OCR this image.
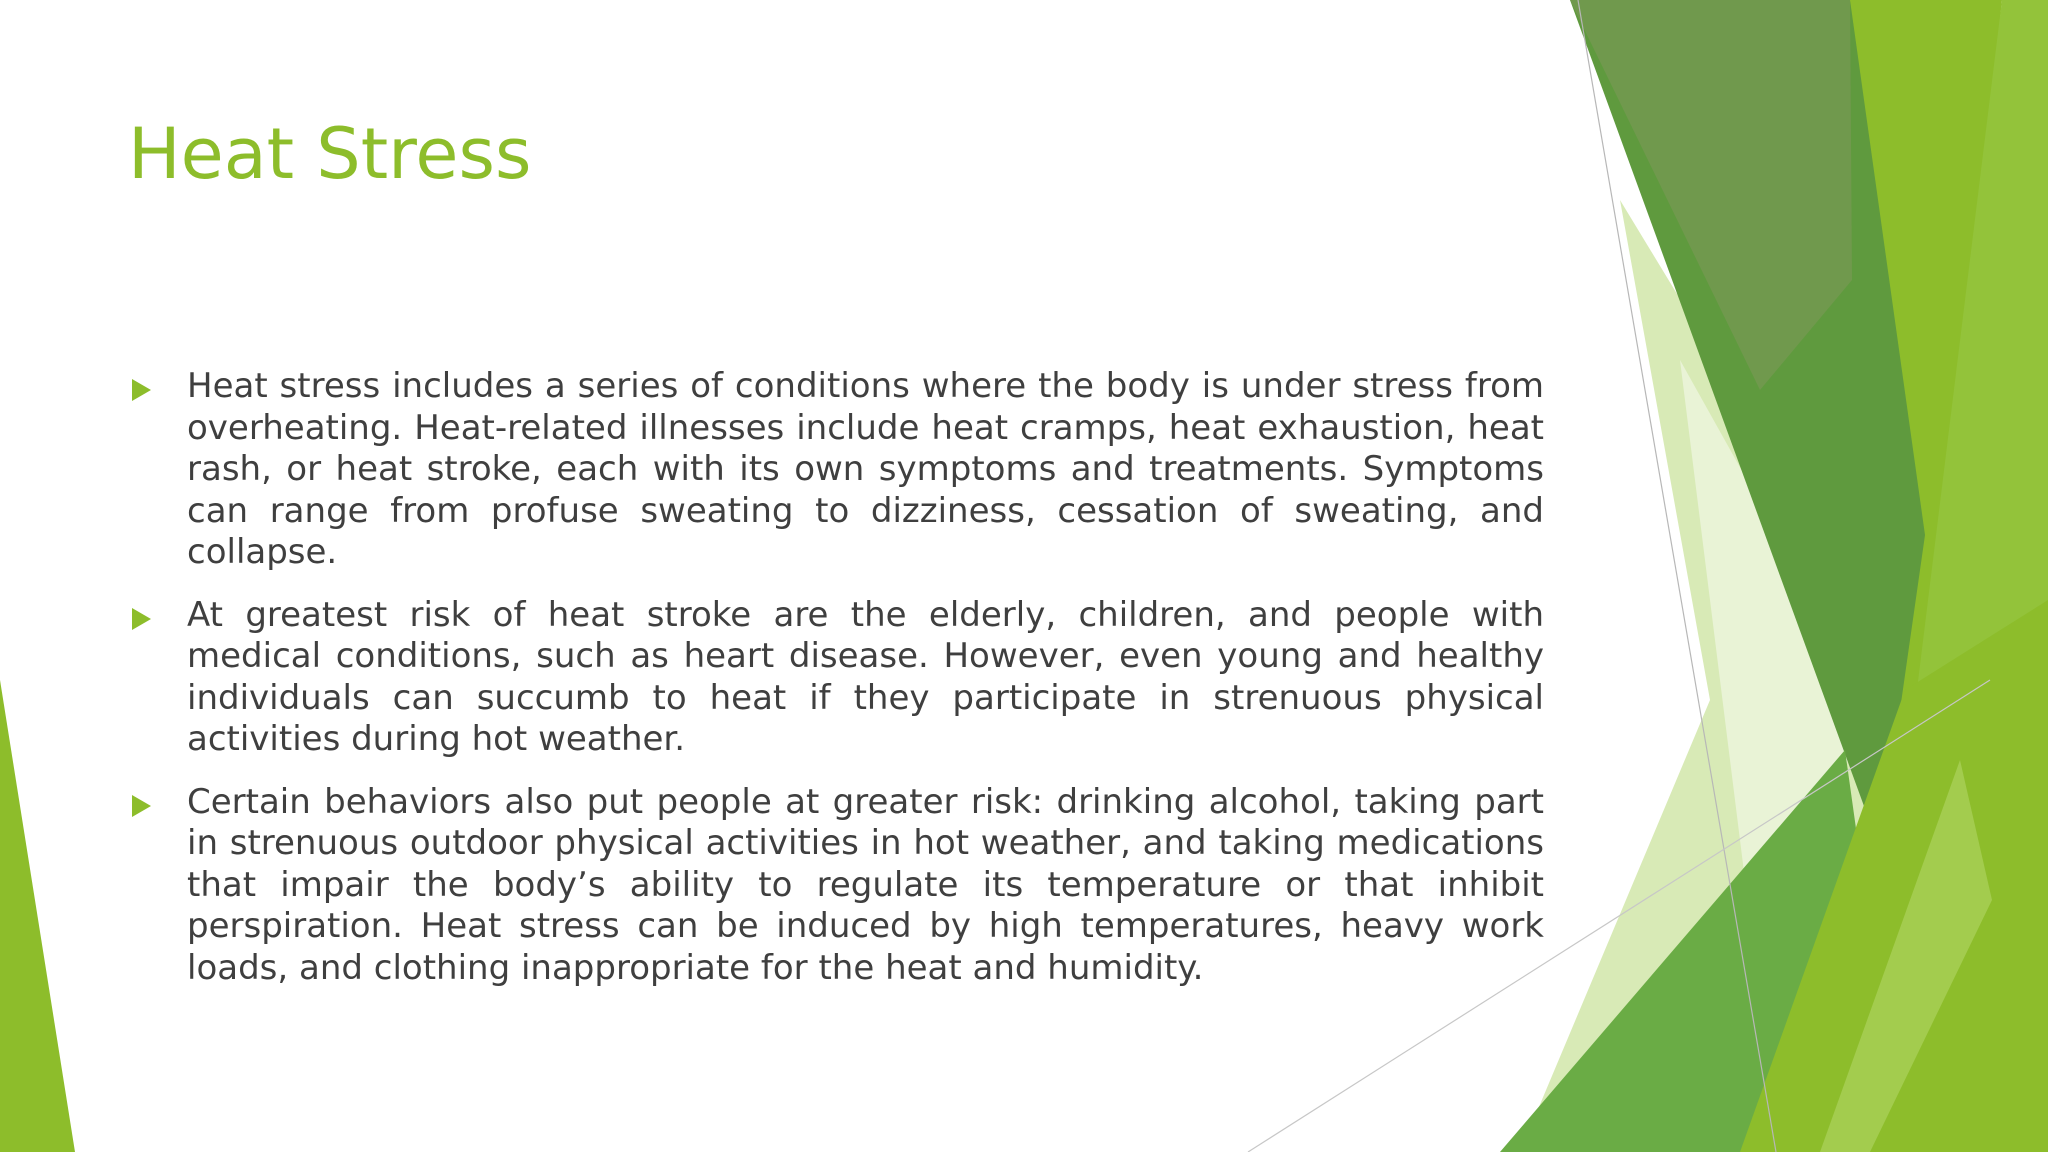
Heat Stress
Heat stress includes a series of conditions where the body is under stress from overheating. Heat-related illnesses include heat cramps, heat exhaustion, heat rash, or heat stroke, each with its own symptoms and treatments. Symptoms can range from profuse sweating to dizziness, cessation of sweating, and collapse.
At greatest risk of heat stroke are the elderly, children, and people with medical conditions, such as heart disease. However, even young and healthy individuals can succumb to heat if they participate in strenuous physical activities during hot weather.
Certain behaviors also put people at greater risk: drinking alcohol, taking part in strenuous outdoor physical activities in hot weather, and taking medications that impair the body’s ability to regulate its temperature or that inhibit perspiration. Heat stress can be induced by high temperatures, heavy work loads, and clothing inappropriate for the heat and humidity.
